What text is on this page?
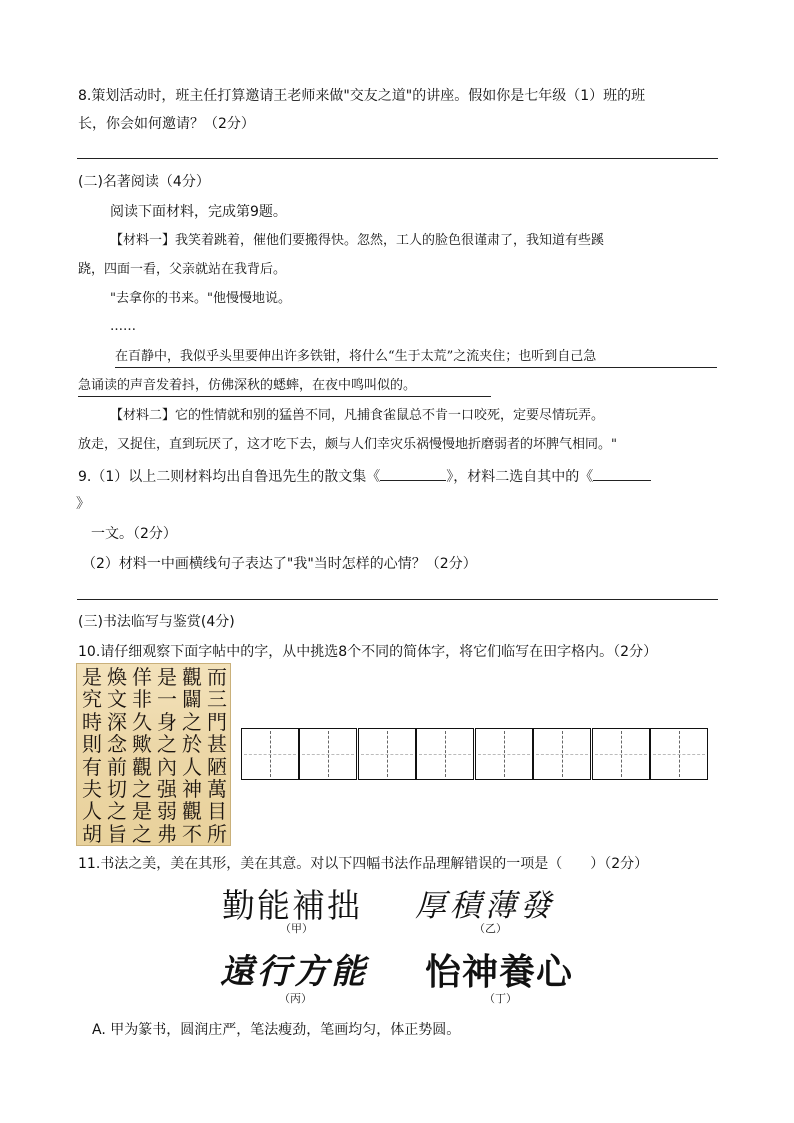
8.策划活动时，班主任打算邀请王老师来做"交友之道"的讲座。假如你是七年级（1）班的班
长，你会如何邀请？（2分）
(二)名著阅读（4分）
阅读下面材料，完成第9题。
【材料一】我笑着跳着，催他们要搬得快。忽然，工人的脸色很谨肃了，我知道有些蹊
跷，四面一看，父亲就站在我背后。
"去拿你的书来。"他慢慢地说。
……
在百静中，我似乎头里要伸出许多铁钳，将什么“生于太荒”之流夹住；也听到自己急
急诵读的声音发着抖，仿佛深秋的蟋蟀，在夜中鸣叫似的。
【材料二】它的性情就和别的猛兽不同，凡捕食雀鼠总不肯一口咬死，定要尽情玩弄。
放走，又捉住，直到玩厌了，这才吃下去，颇与人们幸灾乐祸慢慢地折磨弱者的坏脾气相同。"
9.（1）以上二则材料均出自鲁迅先生的散文集《	》，材料二选自其中的《
》
一文。（2分）
（2）材料一中画横线句子表达了"我"当时怎样的心情？（2分）
(三)书法临写与鉴赏(4分)
10.请仔细观察下面字帖中的字，从中挑选8个不同的简体字，将它们临写在田字格内。（2分）
是究時則有夫人胡
煥文深念前切之旨
佯非久歟觀之是之
是一身之內强弱弗
觀闢之於人神觀不
而三門甚陋萬目所
11.书法之美，美在其形，美在其意。对以下四幅书法作品理解错误的一项是（　　）（2分）
勤能補拙
（甲）
厚積薄發
（乙）
遠行方能
（丙）
怡神養心
（丁）
A. 甲为篆书，圆润庄严，笔法瘦劲，笔画均匀，体正势圆。
